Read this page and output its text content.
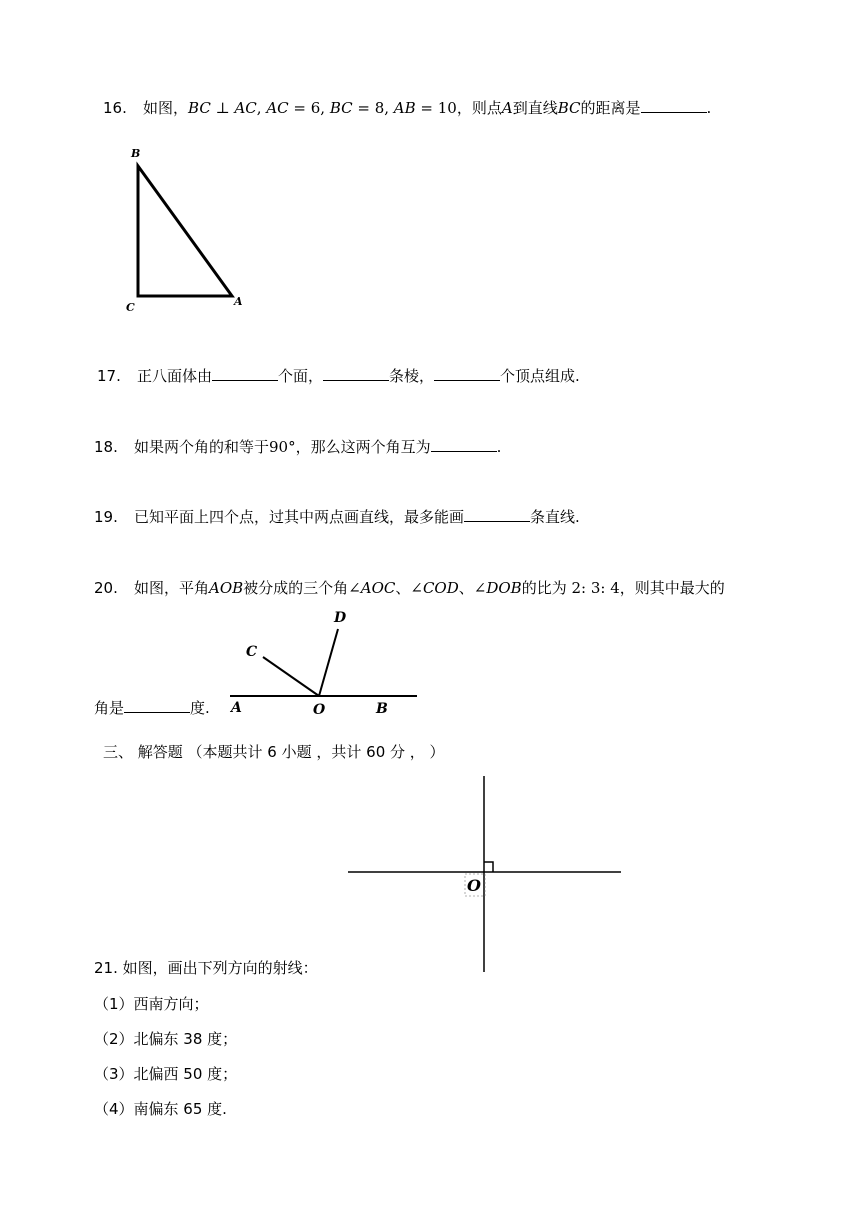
16. 如图，BC ⊥ AC, AC = 6, BC = 8, AB = 10，则点A到直线BC的距离是	.
B
C	A
17. 正八面体由	个面，	条棱，	个顶点组成.
18. 如果两个角的和等于90°，那么这两个角互为	.
19. 已知平面上四个点，过其中两点画直线，最多能画	条直线.
20. 如图，平角AOB被分成的三个角∠AOC、∠COD、∠DOB的比为 2: 3: 4，则其中最大的
角是	度. A	O	B
C
D
三、 解答题 （本题共计 6 小题 ，共计 60 分 ， ）
O
21. 如图，画出下列方向的射线：
（1）西南方向；
（2）北偏东 38 度；
（3）北偏西 50 度；
（4）南偏东 65 度.
